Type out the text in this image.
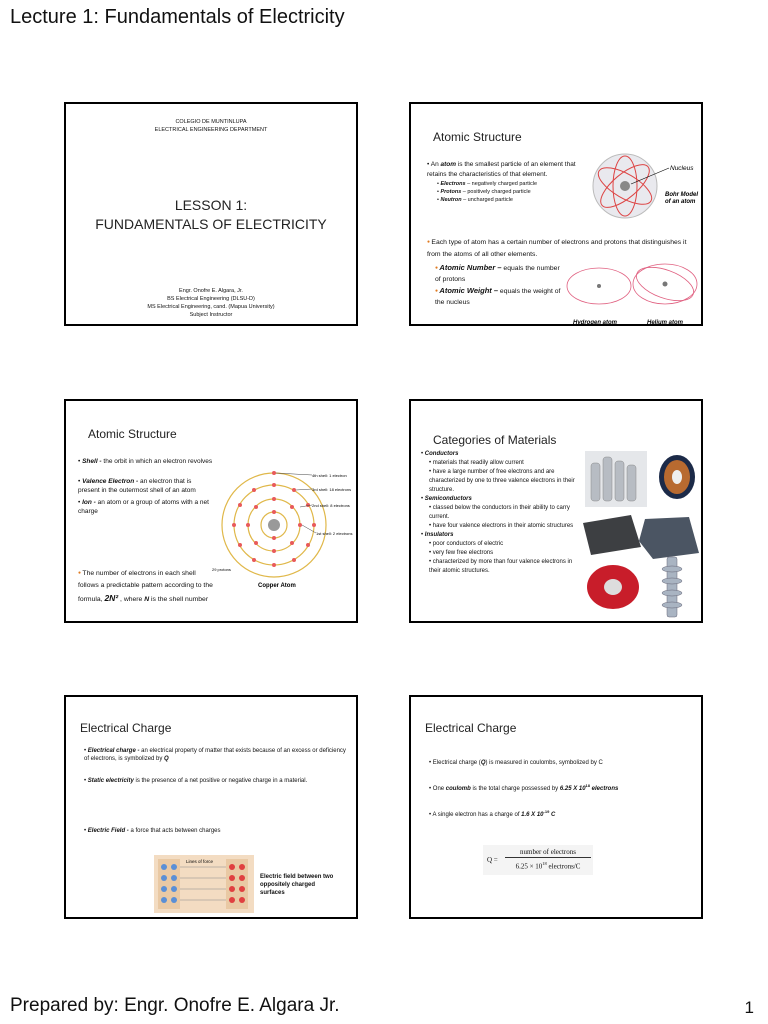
Lecture 1: Fundamentals of Electricity
COLEGIO DE MUNTINLUPA
ELECTRICAL ENGINEERING DEPARTMENT
LESSON 1:
FUNDAMENTALS OF ELECTRICITY
Engr. Onofre E. Algara, Jr.
BS Electrical Engineering (DLSU-D)
MS Electrical Engineering, cand. (Mapua University)
Subject Instructor
Atomic Structure
• An atom is the smallest particle of an element that retains the characteristics of that element.
• Electrons – negatively charged particle
• Protons – positively charged particle
• Neutron – uncharged particle
Nucleus
Bohr Model
of an atom
● Each type of atom has a certain number of electrons and protons that distinguishes it from the atoms of all other elements.
● Atomic Number – equals the number of protons
● Atomic Weight – equals the weight of the nucleus
Hydrogen atom	Helium atom
Atomic Structure
• Shell - the orbit in which an electron revolves
• Valence Electron - an electron that is present in the outermost shell of an atom
• Ion - an atom or a group of atoms with a net charge
● The number of electrons in each shell follows a predictable pattern according to the formula, 2N² , where N is the shell number
4th shell: 1 electron
3rd shell: 18 electrons
2nd shell: 8 electrons
1st shell: 2 electrons
29 protons
Copper Atom
Categories of Materials
• Conductors
• materials that readily allow current
• have a large number of free electrons and are characterized by one to three valence electrons in their structure.
• Semiconductors
• classed below the conductors in their ability to carry current.
• have four valence electrons in their atomic structures
• Insulators
• poor conductors of electric
• very few free electrons
• characterized by more than four valence electrons in their atomic structures.
Electrical Charge
• Electrical charge - an electrical property of matter that exists because of an excess or deficiency of electrons, is symbolized by Q
• Static electricity is the presence of a net positive or negative charge in a material.
• Electric Field - a force that acts between charges
Lines of force
Electric field between two oppositely charged surfaces
Electrical Charge
• Electrical charge (Q) is measured in coulombs, symbolized by C
• One coulomb is the total charge possessed by 6.25 X $10^{18}$ electrons
• A single electron has a charge of 1.6 X $10^{-19}$ C
Q =
number of electrons
$6.25 \times 10^{18}$ electrons/C
Prepared by: Engr. Onofre E. Algara Jr.	1
